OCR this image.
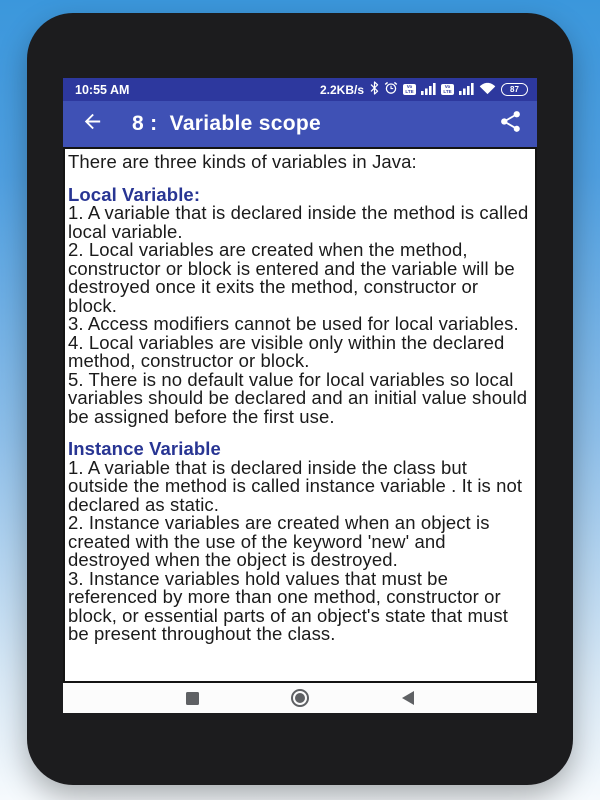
10:55 AM	2.2KB/s	Vo
LTE
Vo
LTE	87
8 :  Variable scope

There are three kinds of variables in Java:

Local Variable:

1. A variable that is declared inside the method is called local variable.

2. Local variables are created when the method, constructor or block is entered and the variable will be destroyed once it exits the method, constructor or block.

3. Access modifiers cannot be used for local variables.

4. Local variables are visible only within the declared method, constructor or block.

5. There is no default value for local variables so local variables should be declared and an initial value should be assigned before the first use.

Instance Variable

1. A variable that is declared inside the class but outside the method is called instance variable . It is not declared as static.

2. Instance variables are created when an object is created with the use of the keyword 'new' and destroyed when the object is destroyed.

3. Instance variables hold values that must be referenced by more than one method, constructor or block, or essential parts of an object's state that must be present throughout the class.
